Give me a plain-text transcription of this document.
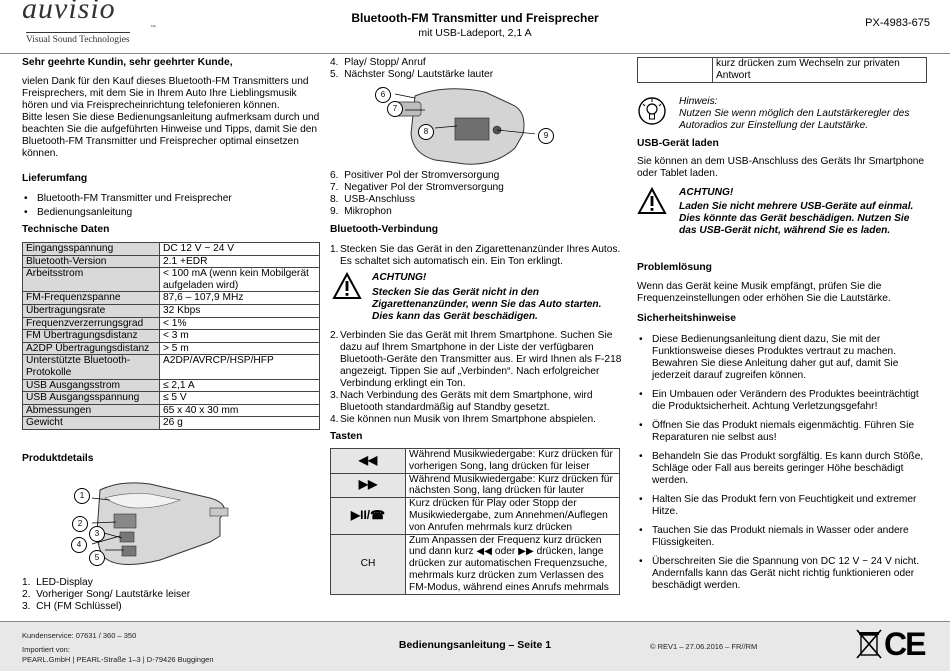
auvisio
™
Visual Sound Technologies
Bluetooth-FM Transmitter und Freisprecher
mit USB-Ladeport, 2,1 A
PX-4983-675
Sehr geehrte Kundin, sehr geehrter Kunde,

vielen Dank für den Kauf dieses Bluetooth-FM Transmitters und Freisprechers, mit dem Sie in Ihrem Auto Ihre Lieblingsmusik hören und via Freisprecheinrichtung telefonieren können.

Bitte lesen Sie diese Bedienungsanleitung aufmerksam durch und beachten Sie die aufgeführten Hinweise und Tipps, damit Sie den Bluetooth-FM Transmitter und Freisprecher optimal einsetzen können.

Lieferumfang
• Bluetooth-FM Transmitter und Freisprecher
• Bedienungsanleitung
Technische Daten
Eingangsspannung	DC 12 V ~ 24 V
Bluetooth-Version	2.1 +EDR
Arbeitsstrom	< 100 mA (wenn kein Mobilgerät aufgeladen wird)
FM-Frequenzspanne	87,6 – 107,9 MHz
Übertragungsrate	32 Kbps
Frequenzverzerrungsgrad	< 1%
FM Übertragungsdistanz	< 3 m
A2DP Übertragungsdistanz	> 5 m
Unterstützte Bluetooth-Protokolle	A2DP/AVRCP/HSP/HFP
USB Ausgangsstrom	≤ 2,1 A
USB Ausgangsspannung	≤ 5 V
Abmessungen	65 x 40 x 30 mm
Gewicht	26 g
Produktdetails
1
2
3
4
5
1.  LED-Display
2.  Vorheriger Song/ Lautstärke leiser
3.  CH (FM Schlüssel)
4.  Play/ Stopp/ Anruf
5.  Nächster Song/ Lautstärke lauter
6
7
8	9
6.  Positiver Pol der Stromversorgung
7.  Negativer Pol der Stromversorgung
8.  USB-Anschluss
9.  Mikrophon
Bluetooth-Verbindung
1. Stecken Sie das Gerät in den Zigarettenanzünder Ihres Autos. Es schaltet sich automatisch ein. Ein Ton erklingt.
ACHTUNG!
Stecken Sie das Gerät nicht in den Zigarettenanzünder, wenn Sie das Auto starten. Dies kann das Gerät beschädigen.
2. Verbinden Sie das Gerät mit Ihrem Smartphone. Suchen Sie dazu auf Ihrem Smartphone in der Liste der verfügbaren Bluetooth-Geräte den Transmitter aus. Er wird Ihnen als F-218 angezeigt. Tippen Sie auf „Verbinden“. Nach erfolgreicher Verbindung erklingt ein Ton.
3. Nach Verbindung des Geräts mit dem Smartphone, wird Bluetooth standardmäßig auf Standby gesetzt.
4. Sie können nun Musik von Ihrem Smartphone abspielen.
Tasten
◀◀	Während Musikwiedergabe: Kurz drücken für vorherigen Song, lang drücken für leiser
▶▶	Während Musikwiedergabe: Kurz drücken für nächsten Song, lang drücken für lauter
▶II/☎	Kurz drücken für Play oder Stopp der Musikwiedergabe, zum Annehmen/Auflegen von Anrufen mehrmals kurz drücken
CH	Zum Anpassen der Frequenz kurz drücken und dann kurz ◀◀ oder ▶▶ drücken, lange drücken zur automatischen Frequenzsuche, mehrmals kurz drücken zum Verlassen des FM-Modus, während eines Anrufs mehrmals
	kurz drücken zum Wechseln zur privaten Antwort
Hinweis:
Nutzen Sie wenn möglich den Lautstärkeregler des Autoradios zur Einstellung der Lautstärke.
USB-Gerät laden

Sie können an dem USB-Anschluss des Geräts Ihr Smartphone oder Tablet laden.

ACHTUNG!
Laden Sie nicht mehrere USB-Geräte auf einmal. Dies könnte das Gerät beschädigen. Nutzen Sie das USB-Gerät nicht, während Sie es laden.
Problemlösung

Wenn das Gerät keine Musik empfängt, prüfen Sie die Frequenzeinstellungen oder erhöhen Sie die Lautstärke.

Sicherheitshinweise
• Diese Bedienungsanleitung dient dazu, Sie mit der Funktionsweise dieses Produktes vertraut zu machen. Bewahren Sie diese Anleitung daher gut auf, damit Sie jederzeit darauf zugreifen können.
• Ein Umbauen oder Verändern des Produktes beeinträchtigt die Produktsicherheit. Achtung Verletzungsgefahr!
• Öffnen Sie das Produkt niemals eigenmächtig. Führen Sie Reparaturen nie selbst aus!
• Behandeln Sie das Produkt sorgfältig. Es kann durch Stöße, Schläge oder Fall aus bereits geringer Höhe beschädigt werden.
• Halten Sie das Produkt fern von Feuchtigkeit und extremer Hitze.
• Tauchen Sie das Produkt niemals in Wasser oder andere Flüssigkeiten.
• Überschreiten Sie die Spannung von DC 12 V ~ 24 V nicht. Andernfalls kann das Gerät nicht richtig funktionieren oder beschädigt werden.
Kundenservice: 07631 / 360 – 350
Importiert von:
PEARL.GmbH | PEARL-Straße 1–3 | D-79426 Buggingen
Bedienungsanleitung – Seite 1	© REV1 – 27.06.2016 – FR//RM	CE
